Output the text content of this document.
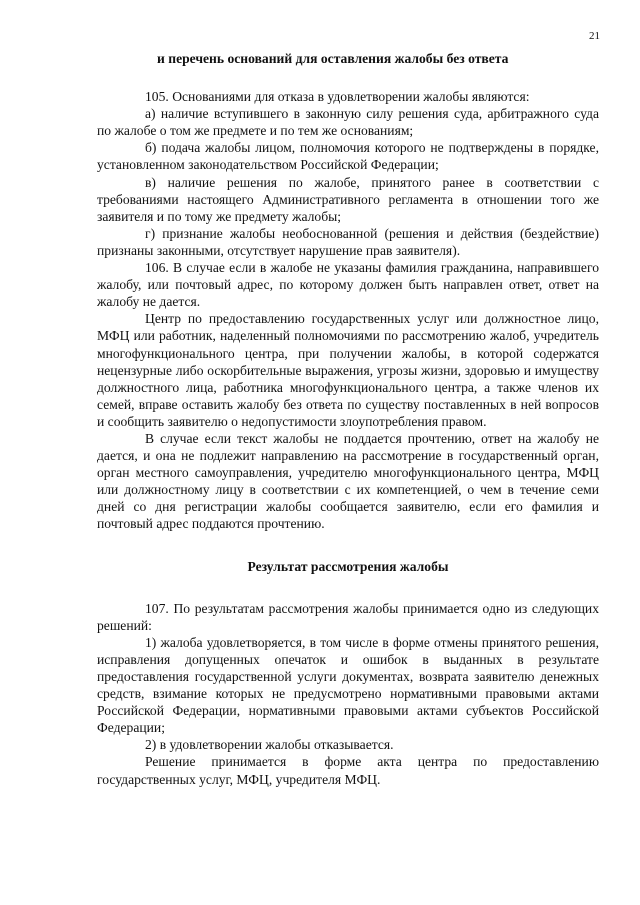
21
и перечень оснований для оставления жалобы без ответа

105. Основаниями для отказа в удовлетворении жалобы являются:

а) наличие вступившего в законную силу решения суда, арбитражного суда по жалобе о том же предмете и по тем же основаниям;

б) подача жалобы лицом, полномочия которого не подтверждены в порядке, установленном законодательством Российской Федерации;

в) наличие решения по жалобе, принятого ранее в соответствии с требованиями настоящего Административного регламента в отношении того же заявителя и по тому же предмету жалобы;

г) признание жалобы необоснованной (решения и действия (бездействие) признаны законными, отсутствует нарушение прав заявителя).

106. В случае если в жалобе не указаны фамилия гражданина, направившего жалобу, или почтовый адрес, по которому должен быть направлен ответ, ответ на жалобу не дается.

Центр по предоставлению государственных услуг или должностное лицо, МФЦ или работник, наделенный полномочиями по рассмотрению жалоб, учредитель многофункционального центра, при получении жалобы, в которой содержатся нецензурные либо оскорбительные выражения, угрозы жизни, здоровью и имуществу должностного лица, работника многофункционального центра, а также членов их семей, вправе оставить жалобу без ответа по существу поставленных в ней вопросов и сообщить заявителю о недопустимости злоупотребления правом.

В случае если текст жалобы не поддается прочтению, ответ на жалобу не дается, и она не подлежит направлению на рассмотрение в государственный орган, орган местного самоуправления, учредителю многофункционального центра, МФЦ или должностному лицу в соответствии с их компетенцией, о чем в течение семи дней со дня регистрации жалобы сообщается заявителю, если его фамилия и почтовый адрес поддаются прочтению.

Результат рассмотрения жалобы

107. По результатам рассмотрения жалобы принимается одно из следующих решений:

1) жалоба удовлетворяется, в том числе в форме отмены принятого решения, исправления допущенных опечаток и ошибок в выданных в результате предоставления государственной услуги документах, возврата заявителю денежных средств, взимание которых не предусмотрено нормативными правовыми актами Российской Федерации, нормативными правовыми актами субъектов Российской Федерации;

2) в удовлетворении жалобы отказывается.

Решение принимается в форме акта центра по предоставлению государственных услуг, МФЦ, учредителя МФЦ.
